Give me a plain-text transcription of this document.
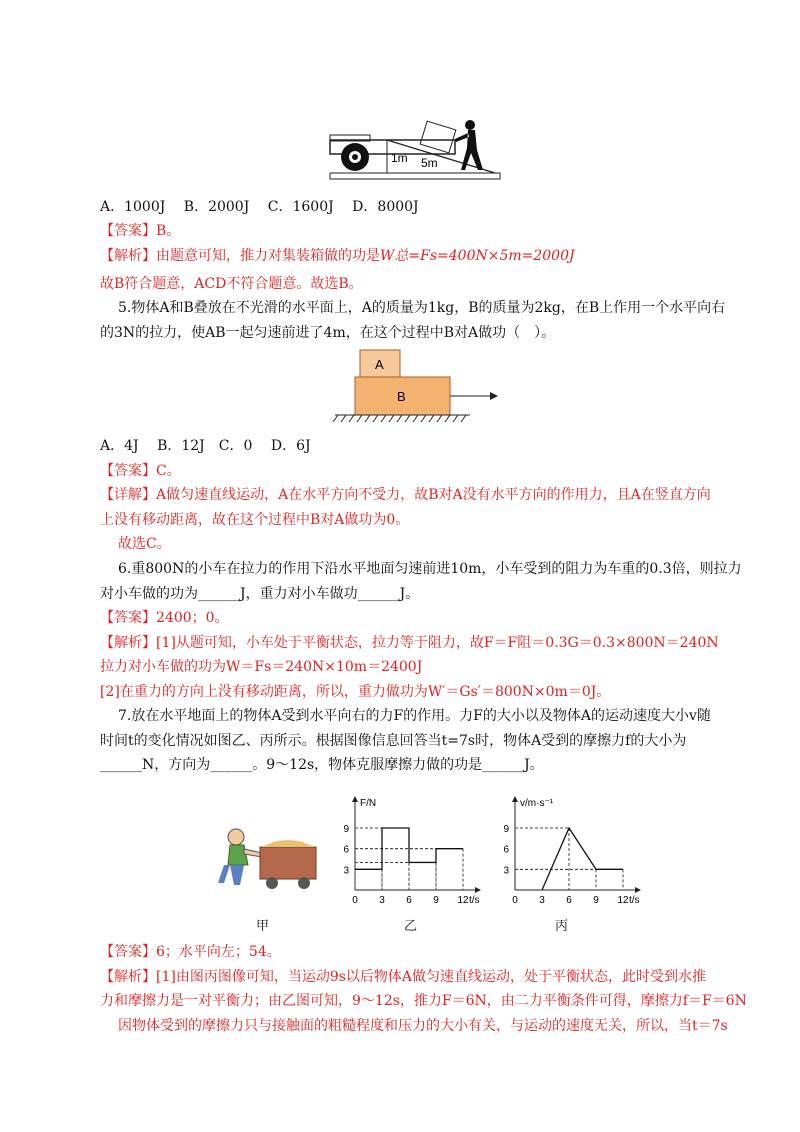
1m 5m
A．1000J　 B．2000J　 C．1600J　 D．8000J
【答案】B。
【解析】由题意可知，推力对集装箱做的功是W总=Fs=400N×5m=2000J
故B符合题意，ACD不符合题意。故选B。
5.物体A和B叠放在不光滑的水平面上，A的质量为1kg，B的质量为2kg，在B上作用一个水平向右
的3N的拉力，使AB一起匀速前进了4m，在这个过程中B对A做功（　）。
A
B
A．4J　 B．12J　C．0　 D．6J
【答案】C。
【详解】A做匀速直线运动，A在水平方向不受力，故B对A没有水平方向的作用力，且A在竖直方向
上没有移动距离，故在这个过程中B对A做功为0。
故选C。
6.重800N的小车在拉力的作用下沿水平地面匀速前进10m，小车受到的阻力为车重的0.3倍，则拉力
对小车做的功为______J，重力对小车做功______J。
【答案】2400；0。
【解析】[1]从题可知，小车处于平衡状态，拉力等于阻力，故F＝F阻＝0.3G＝0.3×800N＝240N
拉力对小车做的功为W＝Fs＝240N×10m＝2400J
[2]在重力的方向上没有移动距离，所以，重力做功为W′＝Gs′＝800N×0m＝0J。
7.放在水平地面上的物体A受到水平向右的力F的作用。力F的大小以及物体A的运动速度大小v随
时间t的变化情况如图乙、丙所示。根据图像信息回答当t=7s时，物体A受到的摩擦力f的大小为
______N，方向为______。9～12s，物体克服摩擦力做的功是______J。
F/N
t/s
0 3 6 9 12
3
6
9
v/m·s⁻¹
t/s
0 3 6 9 12
3
6
9
甲	乙	丙
【答案】6；水平向左；54。
【解析】[1]由图丙图像可知，当运动9s以后物体A做匀速直线运动，处于平衡状态，此时受到水推
力和摩擦力是一对平衡力；由乙图可知，9～12s，推力F＝6N，由二力平衡条件可得，摩擦力f＝F＝6N
因物体受到的摩擦力只与接触面的粗糙程度和压力的大小有关，与运动的速度无关，所以，当t＝7s
